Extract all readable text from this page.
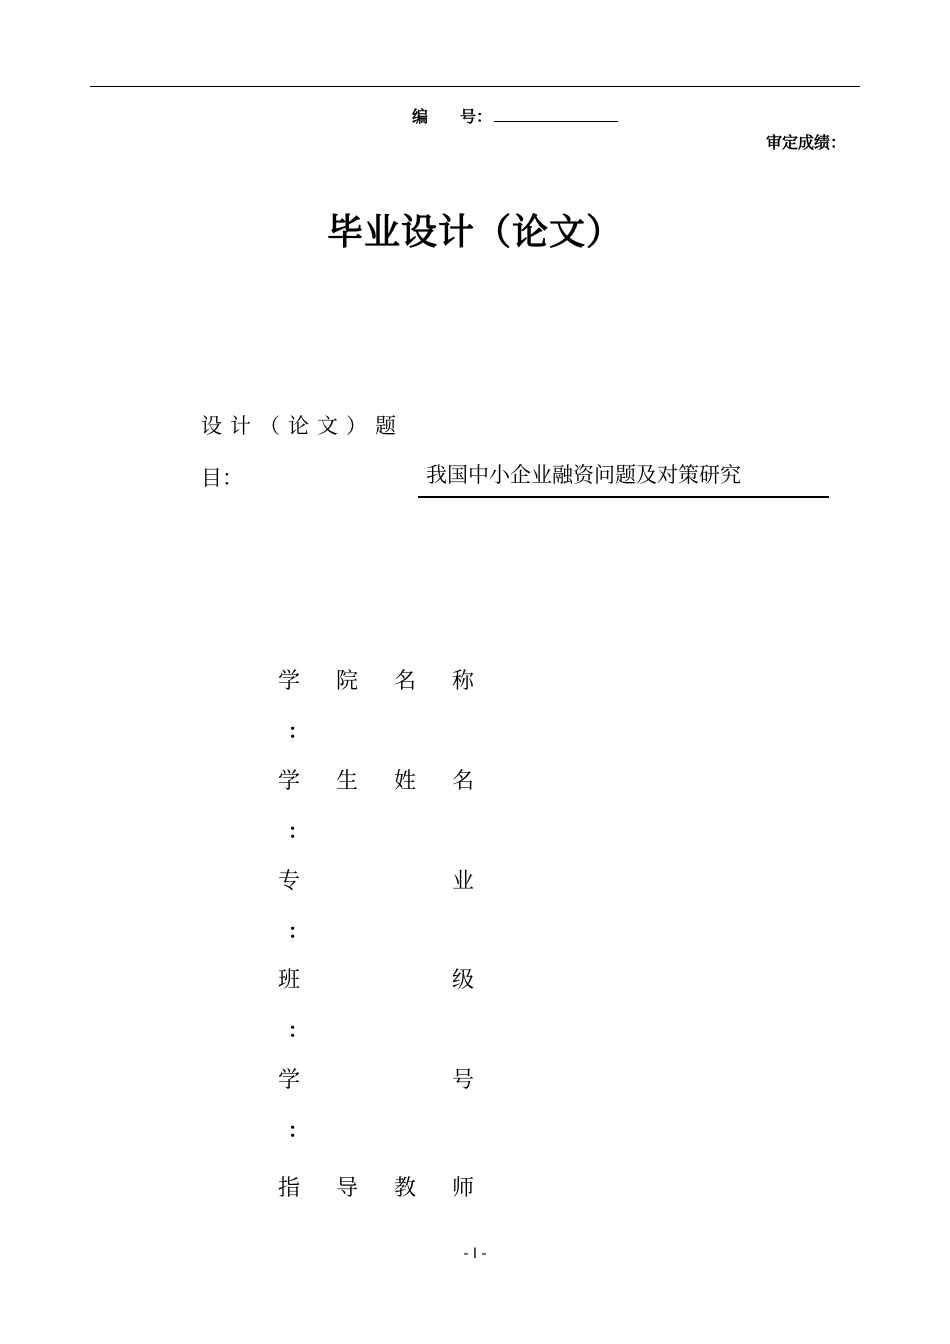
编　　号：
审定成绩：
毕业设计（论文）
设计（论文）题
目：	我国中小企业融资问题及对策研究
学 院 名 称
：
学 生 姓 名
：
专	业
：
班	级
：
学	号
：
指 导 教 师
- I -
